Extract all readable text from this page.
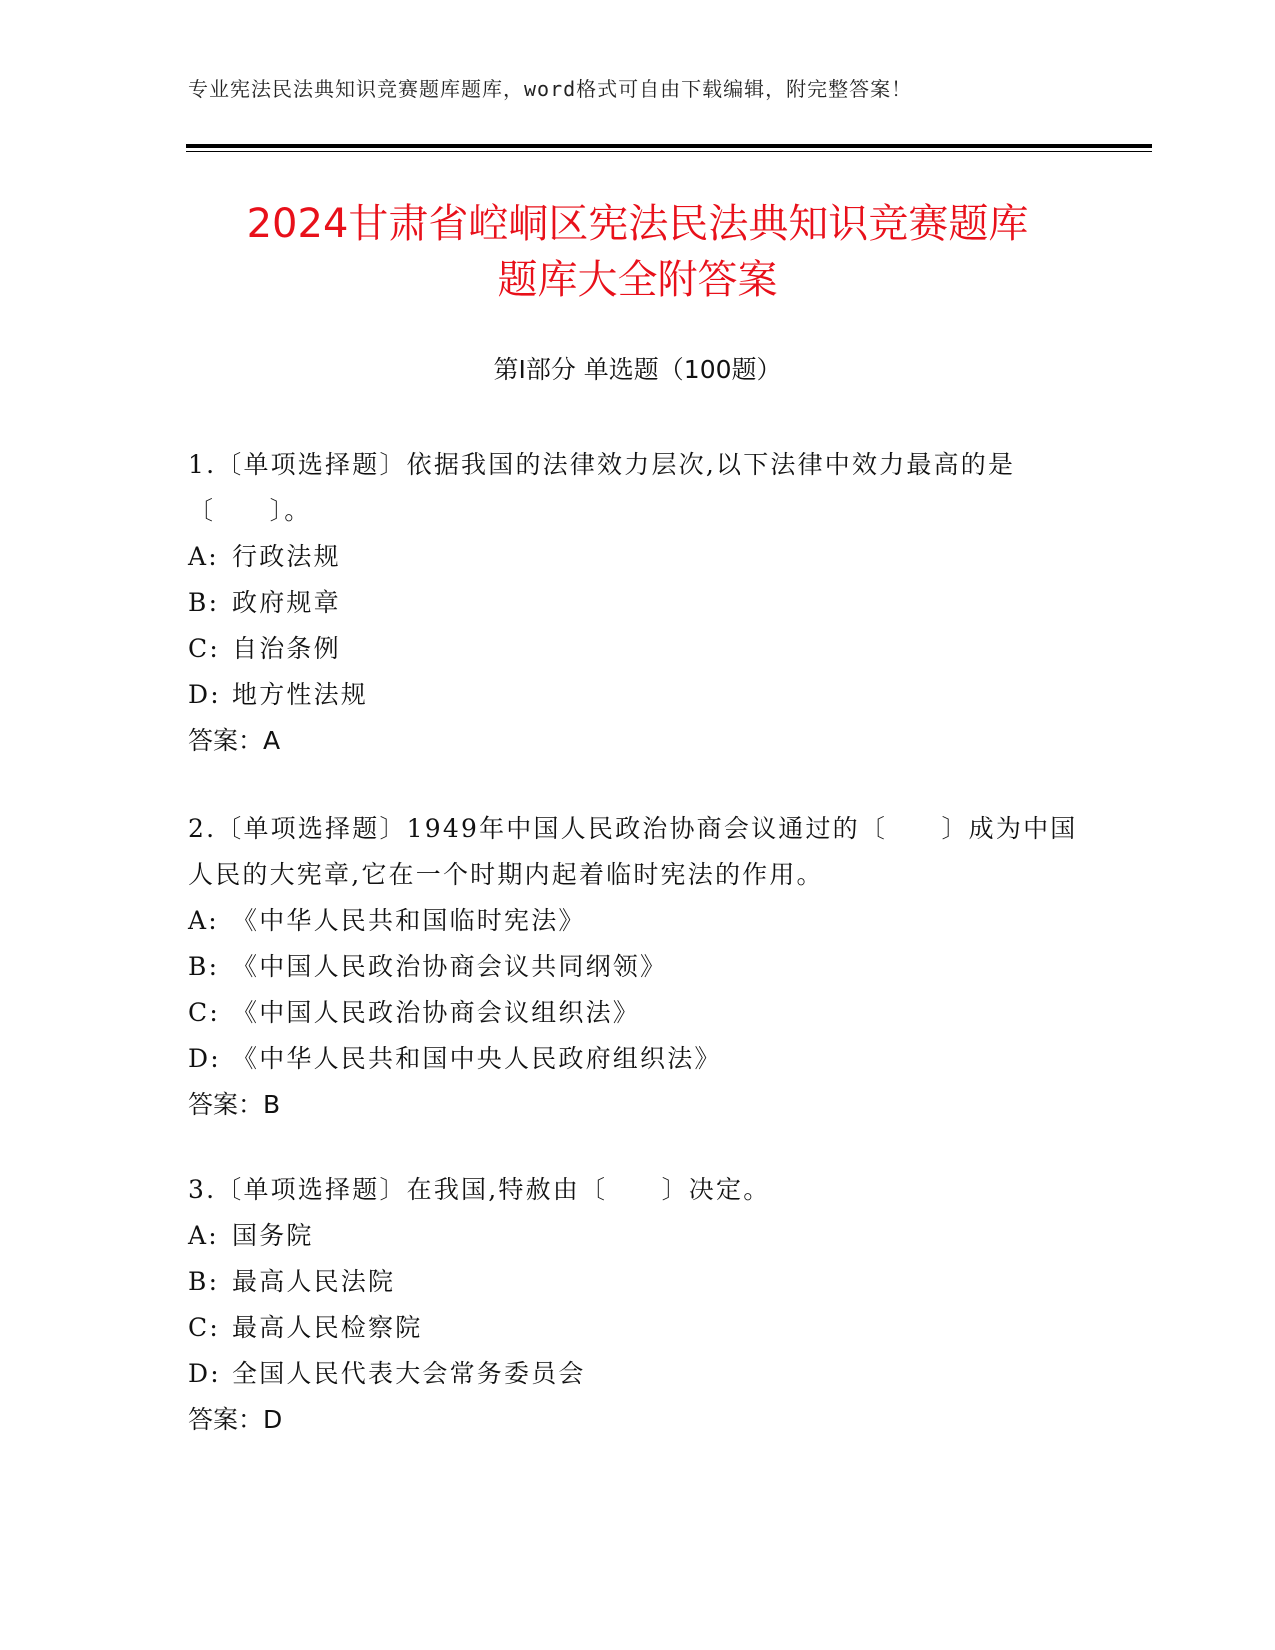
专业宪法民法典知识竞赛题库题库，word格式可自由下载编辑，附完整答案！
2024甘肃省崆峒区宪法民法典知识竞赛题库
题库大全附答案
第Ⅰ部分 单选题（100题）

1.〔单项选择题〕依据我国的法律效力层次,以下法律中效力最高的是〔　　〕。

A: 行政法规

B: 政府规章

C: 自治条例

D: 地方性法规

答案：A

2.〔单项选择题〕1949年中国人民政治协商会议通过的〔　　〕成为中国人民的大宪章,它在一个时期内起着临时宪法的作用。

A: 《中华人民共和国临时宪法》

B: 《中国人民政治协商会议共同纲领》

C: 《中国人民政治协商会议组织法》

D: 《中华人民共和国中央人民政府组织法》

答案：B

3.〔单项选择题〕在我国,特赦由〔　　〕决定。

A: 国务院

B: 最高人民法院

C: 最高人民检察院

D: 全国人民代表大会常务委员会

答案：D
